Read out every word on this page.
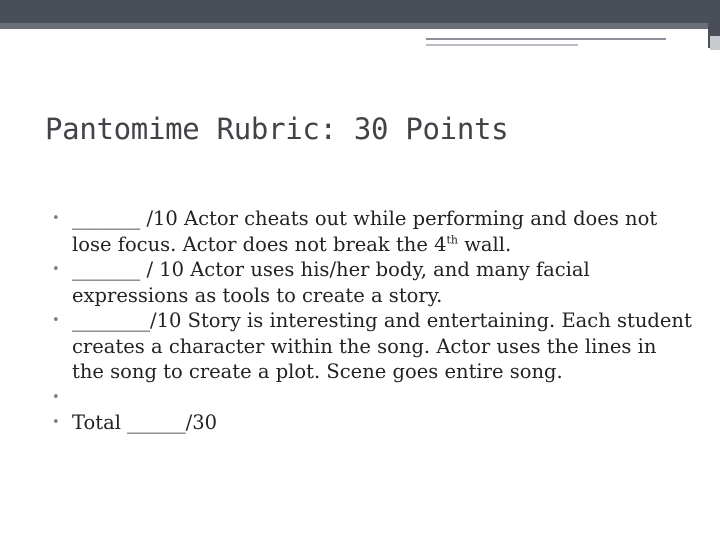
Pantomime Rubric: 30 Points
• _______ /10 Actor cheats out while performing and does not lose focus. Actor does not break the 4th wall.
• _______ / 10 Actor uses his/her body, and many facial expressions as tools to create a story.
• ________/10 Story is interesting and entertaining. Each student creates a character within the song. Actor uses the lines in the song to create a plot. Scene goes entire song.
•
• Total ______/30
